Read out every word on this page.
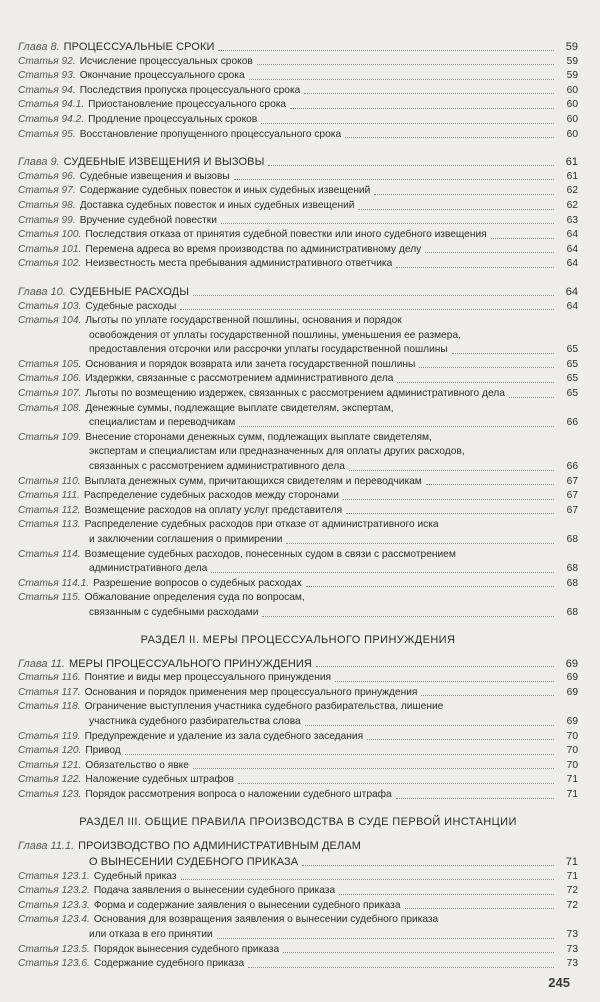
Глава 8. ПРОЦЕССУАЛЬНЫЕ СРОКИ	59
Статья 92. Исчисление процессуальных сроков	59
Статья 93. Окончание процессуального срока	59
Статья 94. Последствия пропуска процессуального срока	60
Статья 94.1. Приостановление процессуального срока	60
Статья 94.2. Продление процессуальных сроков	60
Статья 95. Восстановление пропущенного процессуального срока	60
Глава 9. СУДЕБНЫЕ ИЗВЕЩЕНИЯ И ВЫЗОВЫ	61
Статья 96. Судебные извещения и вызовы	61
Статья 97. Содержание судебных повесток и иных судебных извещений	62
Статья 98. Доставка судебных повесток и иных судебных извещений	62
Статья 99. Вручение судебной повестки	63
Статья 100. Последствия отказа от принятия судебной повестки или иного судебного извещения	64
Статья 101. Перемена адреса во время производства по административному делу	64
Статья 102. Неизвестность места пребывания административного ответчика	64
Глава 10. СУДЕБНЫЕ РАСХОДЫ	64
Статья 103. Судебные расходы	64
Статья 104. Льготы по уплате государственной пошлины, основания и порядок
освобождения от уплаты государственной пошлины, уменьшения ее размера,
предоставления отсрочки или рассрочки уплаты государственной пошлины	65
Статья 105. Основания и порядок возврата или зачета государственной пошлины	65
Статья 106. Издержки, связанные с рассмотрением административного дела	65
Статья 107. Льготы по возмещению издержек, связанных с рассмотрением административного дела	65
Статья 108. Денежные суммы, подлежащие выплате свидетелям, экспертам,
специалистам и переводчикам	66
Статья 109. Внесение сторонами денежных сумм, подлежащих выплате свидетелям,
экспертам и специалистам или предназначенных для оплаты других расходов,
связанных с рассмотрением административного дела	66
Статья 110. Выплата денежных сумм, причитающихся свидетелям и переводчикам	67
Статья 111. Распределение судебных расходов между сторонами	67
Статья 112. Возмещение расходов на оплату услуг представителя	67
Статья 113. Распределение судебных расходов при отказе от административного иска
и заключении соглашения о примирении	68
Статья 114. Возмещение судебных расходов, понесенных судом в связи с рассмотрением
административного дела	68
Статья 114.1. Разрешение вопросов о судебных расходах	68
Статья 115. Обжалование определения суда по вопросам,
связанным с судебными расходами	68
РАЗДЕЛ II. МЕРЫ ПРОЦЕССУАЛЬНОГО ПРИНУЖДЕНИЯ
Глава 11. МЕРЫ ПРОЦЕССУАЛЬНОГО ПРИНУЖДЕНИЯ	69
Статья 116. Понятие и виды мер процессуального принуждения	69
Статья 117. Основания и порядок применения мер процессуального принуждения	69
Статья 118. Ограничение выступления участника судебного разбирательства, лишение
участника судебного разбирательства слова	69
Статья 119. Предупреждение и удаление из зала судебного заседания	70
Статья 120. Привод	70
Статья 121. Обязательство о явке	70
Статья 122. Наложение судебных штрафов	71
Статья 123. Порядок рассмотрения вопроса о наложении судебного штрафа	71
РАЗДЕЛ III. ОБЩИЕ ПРАВИЛА ПРОИЗВОДСТВА В СУДЕ ПЕРВОЙ ИНСТАНЦИИ
Глава 11.1. ПРОИЗВОДСТВО ПО АДМИНИСТРАТИВНЫМ ДЕЛАМ
О ВЫНЕСЕНИИ СУДЕБНОГО ПРИКАЗА	71
Статья 123.1. Судебный приказ	71
Статья 123.2. Подача заявления о вынесении судебного приказа	72
Статья 123.3. Форма и содержание заявления о вынесении судебного приказа	72
Статья 123.4. Основания для возвращения заявления о вынесении судебного приказа
или отказа в его принятии	73
Статья 123.5. Порядок вынесения судебного приказа	73
Статья 123.6. Содержание судебного приказа	73
245
